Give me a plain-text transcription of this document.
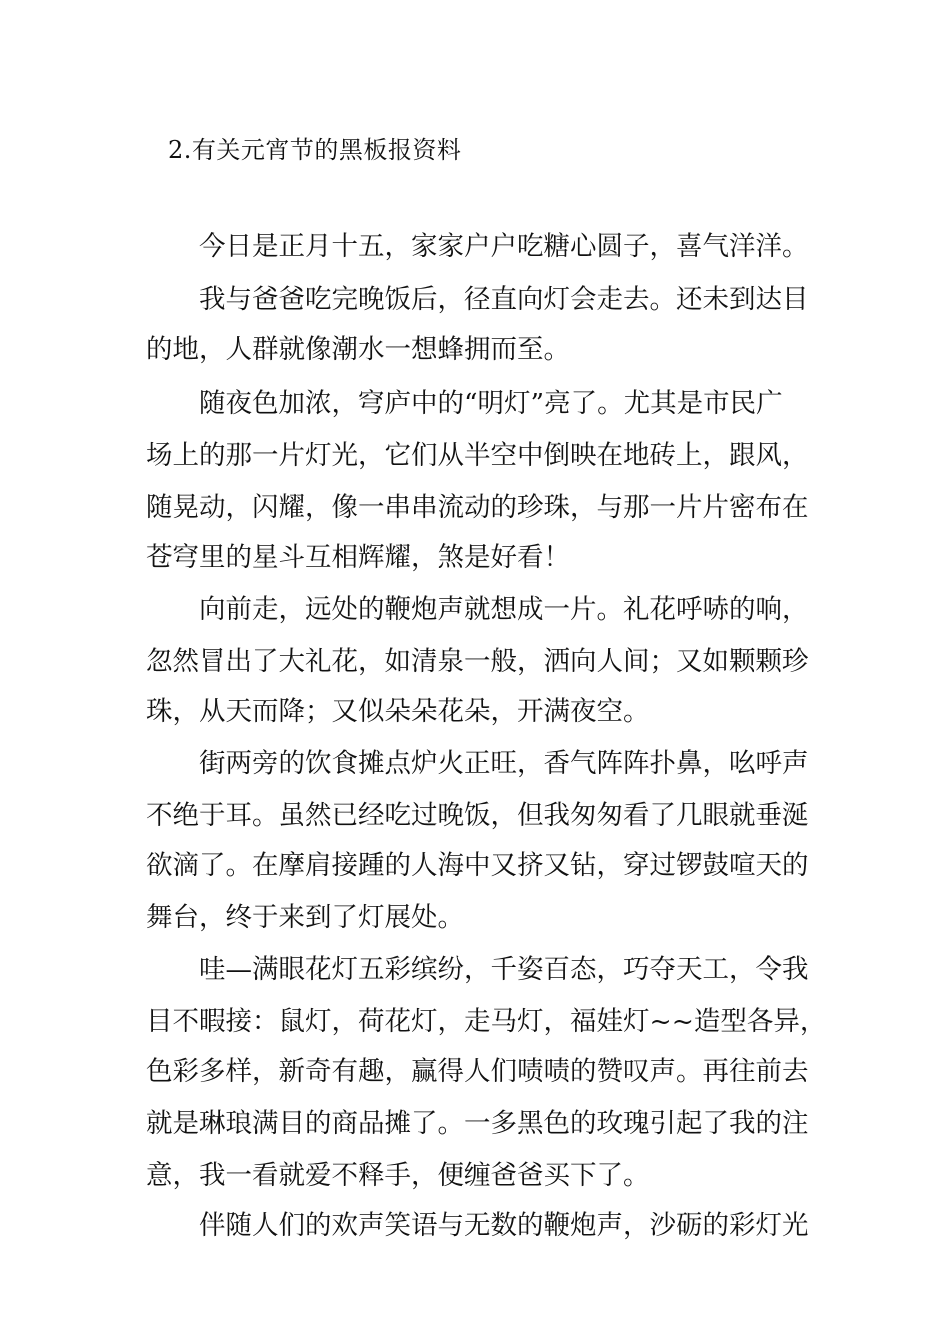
2.有关元宵节的黑板报资料
今日是正月十五，家家户户吃糖心圆子，喜气洋洋。
我与爸爸吃完晚饭后，径直向灯会走去。还未到达目
的地，人群就像潮水一想蜂拥而至。
随夜色加浓，穹庐中的“明灯”亮了。尤其是市民广
场上的那一片灯光，它们从半空中倒映在地砖上，跟风，
随晃动，闪耀，像一串串流动的珍珠，与那一片片密布在
苍穹里的星斗互相辉耀，煞是好看！
向前走，远处的鞭炮声就想成一片。礼花呼哧的响，
忽然冒出了大礼花，如清泉一般，洒向人间；又如颗颗珍
珠，从天而降；又似朵朵花朵，开满夜空。
街两旁的饮食摊点炉火正旺，香气阵阵扑鼻，吆呼声
不绝于耳。虽然已经吃过晚饭，但我匆匆看了几眼就垂涎
欲滴了。在摩肩接踵的人海中又挤又钻，穿过锣鼓喧天的
舞台，终于来到了灯展处。
哇—满眼花灯五彩缤纷，千姿百态，巧夺天工，令我
目不暇接：鼠灯，荷花灯，走马灯，福娃灯~~造型各异，
色彩多样，新奇有趣，赢得人们啧啧的赞叹声。再往前去
就是琳琅满目的商品摊了。一多黑色的玫瑰引起了我的注
意，我一看就爱不释手，便缠爸爸买下了。
伴随人们的欢声笑语与无数的鞭炮声，沙砺的彩灯光
